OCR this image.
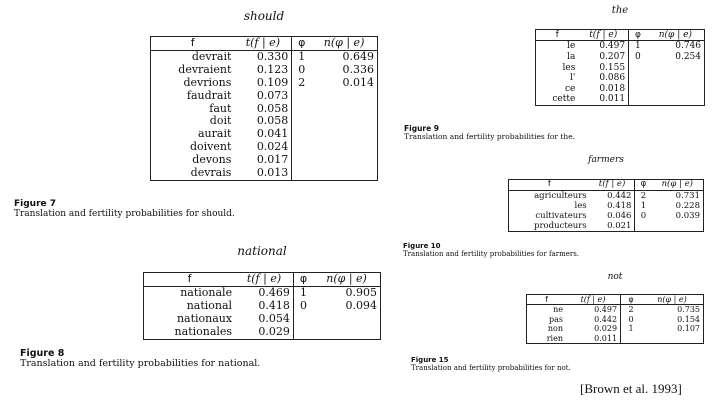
should
f	t(f | e)	φ	n(φ | e)
devrait	0.330	1	0.649
devraient	0.123	0	0.336
devrions	0.109	2	0.014
faudrait	0.073		
faut	0.058		
doit	0.058		
aurait	0.041		
doivent	0.024		
devons	0.017		
devrais	0.013		
Figure 7
Translation and fertility probabilities for should.
national
f	t(f | e)	φ	n(φ | e)
nationale	0.469	1	0.905
national	0.418	0	0.094
nationaux	0.054		
nationales	0.029		
Figure 8
Translation and fertility probabilities for national.
the
f	t(f | e)	φ	n(φ | e)
le	0.497	1	0.746
la	0.207	0	0.254
les	0.155		
l'	0.086		
ce	0.018		
cette	0.011		
Figure 9
Translation and fertility probabilities for the.
farmers
f	t(f | e)	φ	n(φ | e)
agriculteurs	0.442	2	0.731
les	0.418	1	0.228
cultivateurs	0.046	0	0.039
producteurs	0.021		
Figure 10
Translation and fertility probabilities for farmers.
not
f	t(f | e)	φ	n(φ | e)
ne	0.497	2	0.735
pas	0.442	0	0.154
non	0.029	1	0.107
rien	0.011		
Figure 15
Translation and fertility probabilities for not.
[Brown et al. 1993]
